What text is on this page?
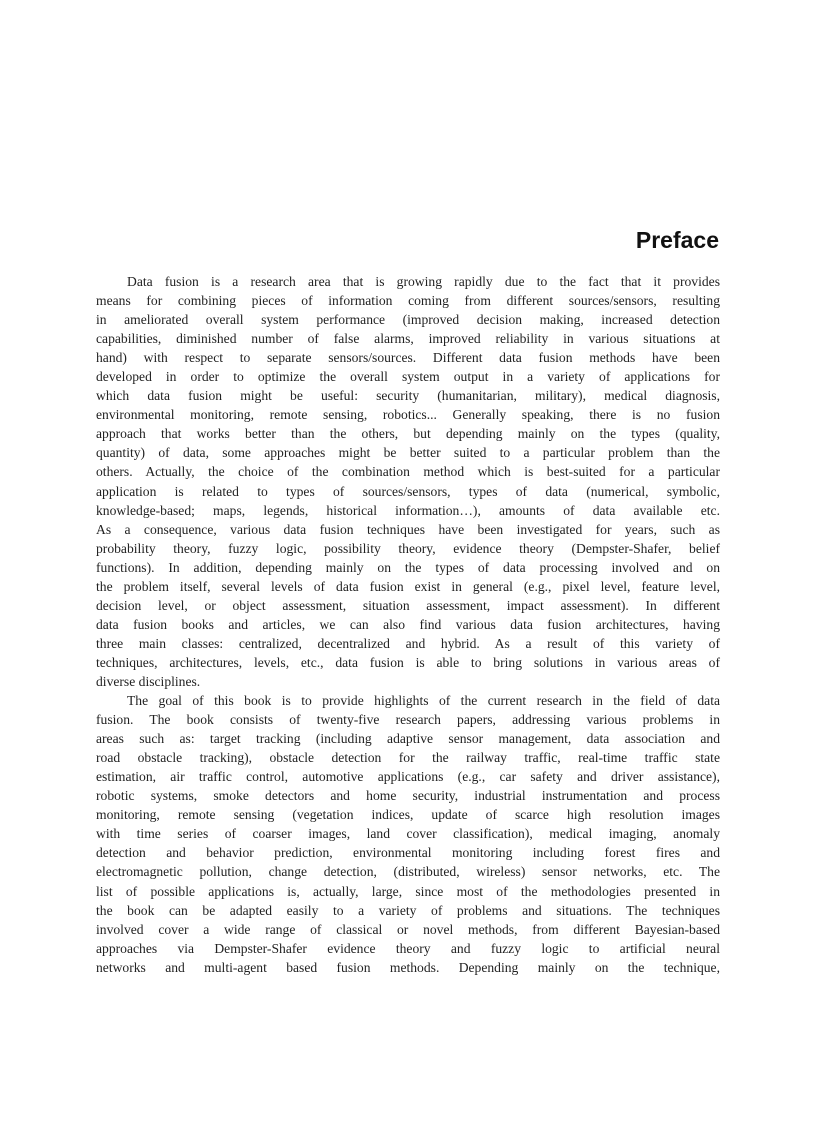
Preface

Data fusion is a research area that is growing rapidly due to the fact that it provides
means for combining pieces of information coming from different sources/sensors, resulting
in ameliorated overall system performance (improved decision making, increased detection
capabilities, diminished number of false alarms, improved reliability in various situations at
hand) with respect to separate sensors/sources. Different data fusion methods have been
developed in order to optimize the overall system output in a variety of applications for
which data fusion might be useful: security (humanitarian, military), medical diagnosis,
environmental monitoring, remote sensing, robotics... Generally speaking, there is no fusion
approach that works better than the others, but depending mainly on the types (quality,
quantity) of data, some approaches might be better suited to a particular problem than the
others. Actually, the choice of the combination method which is best-suited for a particular
application is related to types of sources/sensors, types of data (numerical, symbolic,
knowledge-based; maps, legends, historical information…), amounts of data available etc.
As a consequence, various data fusion techniques have been investigated for years, such as
probability theory, fuzzy logic, possibility theory, evidence theory (Dempster-Shafer, belief
functions). In addition, depending mainly on the types of data processing involved and on
the problem itself, several levels of data fusion exist in general (e.g., pixel level, feature level,
decision level, or object assessment, situation assessment, impact assessment). In different
data fusion books and articles, we can also find various data fusion architectures, having
three main classes: centralized, decentralized and hybrid. As a result of this variety of
techniques, architectures, levels, etc., data fusion is able to bring solutions in various areas of
diverse disciplines.

The goal of this book is to provide highlights of the current research in the field of data
fusion. The book consists of twenty-five research papers, addressing various problems in
areas such as: target tracking (including adaptive sensor management, data association and
road obstacle tracking), obstacle detection for the railway traffic, real-time traffic state
estimation, air traffic control, automotive applications (e.g., car safety and driver assistance),
robotic systems, smoke detectors and home security, industrial instrumentation and process
monitoring, remote sensing (vegetation indices, update of scarce high resolution images
with time series of coarser images, land cover classification), medical imaging, anomaly
detection and behavior prediction, environmental monitoring including forest fires and
electromagnetic pollution, change detection, (distributed, wireless) sensor networks, etc. The
list of possible applications is, actually, large, since most of the methodologies presented in
the book can be adapted easily to a variety of problems and situations. The techniques
involved cover a wide range of classical or novel methods, from different Bayesian-based
approaches via Dempster-Shafer evidence theory and fuzzy logic to artificial neural
networks and multi-agent based fusion methods. Depending mainly on the technique,
